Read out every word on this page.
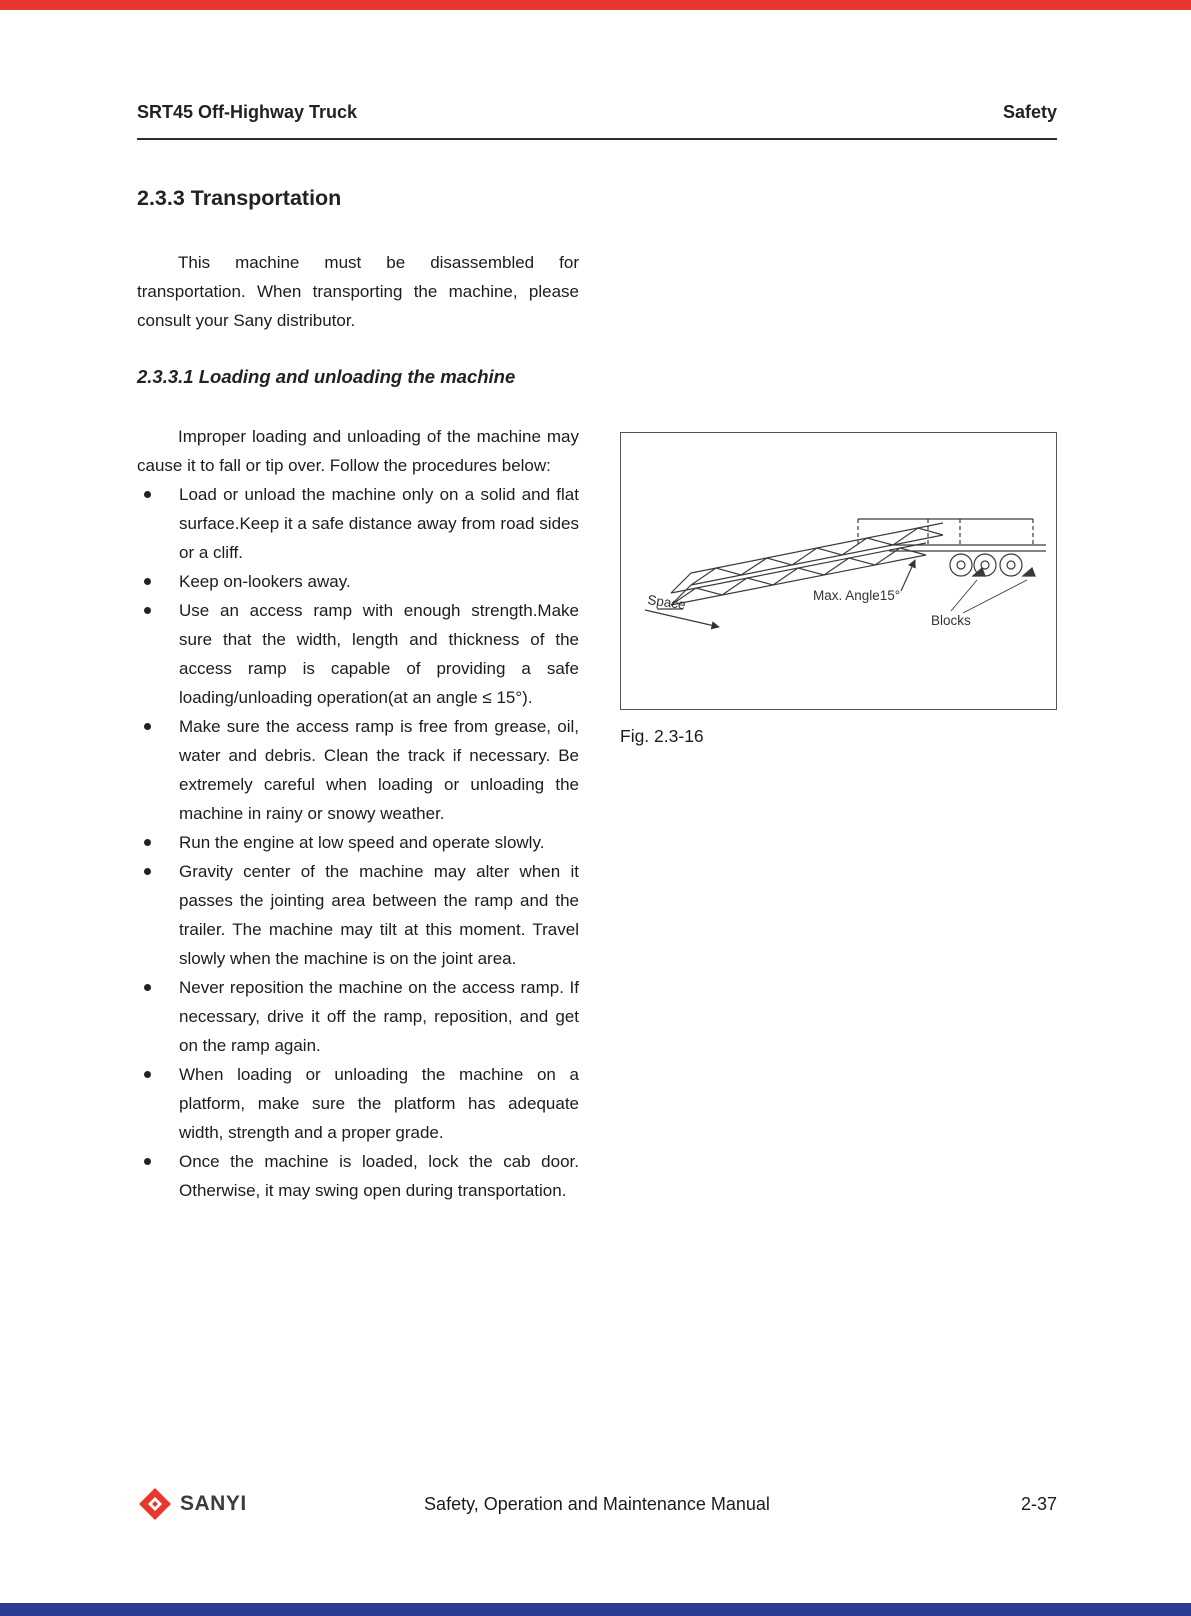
SRT45 Off-Highway Truck	Safety
2.3.3 Transportation

This machine must be disassembled for transportation. When transporting the machine, please consult your Sany distributor.

2.3.3.1 Loading and unloading the machine

Improper loading and unloading of the machine may cause it to fall or tip over. Follow the procedures below:

Load or unload the machine only on a solid and flat surface.Keep it a safe distance away from road sides or a cliff.
Keep on-lookers away.
Use an access ramp with enough strength.Make sure that the width, length and thickness of the access ramp is capable of providing a safe loading/unloading operation(at an angle ≤ 15°).
Make sure the access ramp is free from grease, oil, water and debris. Clean the track if necessary. Be extremely careful when loading or unloading the machine in rainy or snowy weather.
Run the engine at low speed and operate slowly.
Gravity center of the machine may alter when it passes the jointing area between the ramp and the trailer. The machine may tilt at this moment. Travel slowly when the machine is on the joint area.
Never reposition the machine on the access ramp. If necessary, drive it off the ramp, reposition, and get on the ramp again.
When loading or unloading the machine on a platform, make sure the platform has adequate width, strength and a proper grade.
Once the machine is loaded, lock the cab door. Otherwise, it may swing open during transportation.
Space	Max. Angle15°
Blocks
Fig. 2.3-16
SANYI	Safety, Operation and Maintenance Manual	2-37
